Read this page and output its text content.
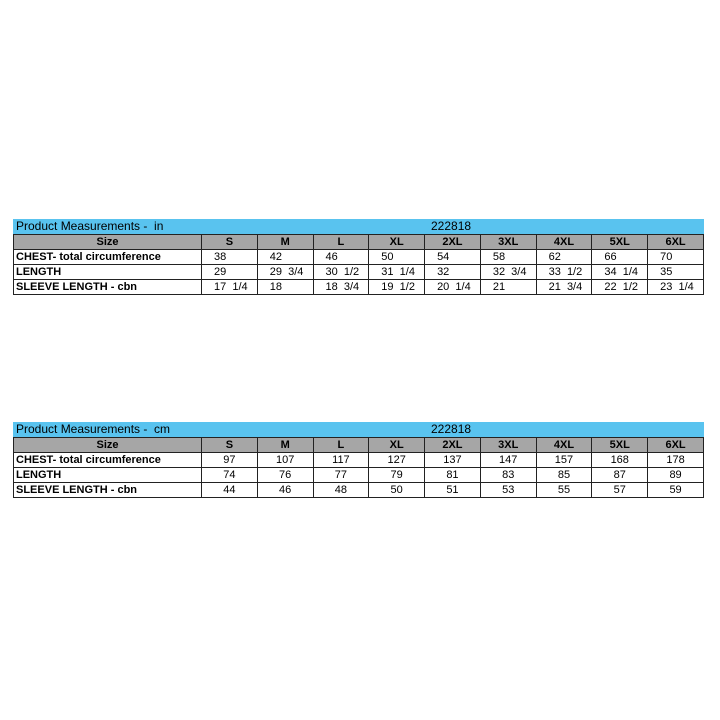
Product Measurements -  in	222818
Size	S	M	L	XL	2XL	3XL	4XL	5XL	6XL
CHEST- total circumference	38	42	46	50	54	58	62	66	70
LENGTH	29	29  3/4	30  1/2	31  1/4	32	32  3/4	33  1/2	34  1/4	35
SLEEVE LENGTH - cbn	17  1/4	18	18  3/4	19  1/2	20  1/4	21	21  3/4	22  1/2	23  1/4
Product Measurements -  cm	222818
Size	S	M	L	XL	2XL	3XL	4XL	5XL	6XL
CHEST- total circumference	97	107	117	127	137	147	157	168	178
LENGTH	74	76	77	79	81	83	85	87	89
SLEEVE LENGTH - cbn	44	46	48	50	51	53	55	57	59
